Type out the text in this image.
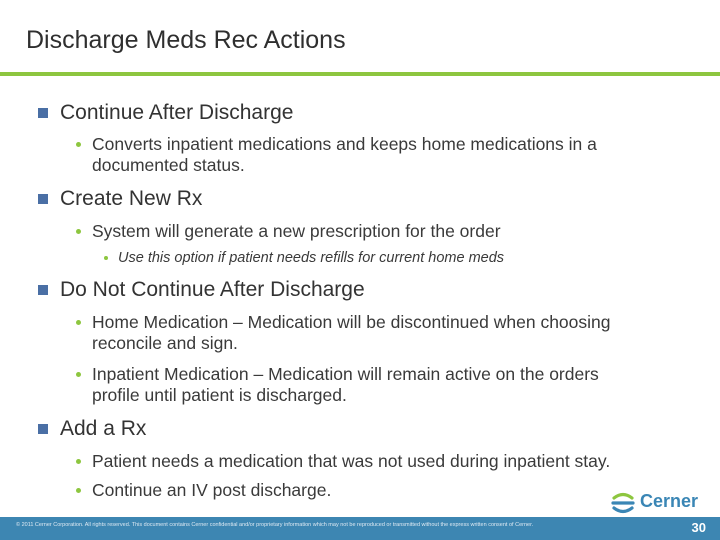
Discharge Meds Rec Actions
Continue After Discharge
Converts inpatient medications and keeps home medications in a
documented status.
Create New Rx
System will generate a new prescription for the order
Use this option if patient needs refills for current home meds
Do Not Continue After Discharge
Home Medication – Medication will be discontinued when choosing
reconcile and sign.
Inpatient Medication – Medication will remain active on the orders
profile until patient is discharged.
Add a Rx
Patient needs a medication that was not used during inpatient stay.
Continue an IV post discharge.
Cerner
© 2011 Cerner Corporation. All rights reserved. This document contains Cerner confidential and/or proprietary information which may not be reproduced or transmitted without the express written consent of Cerner.	30
